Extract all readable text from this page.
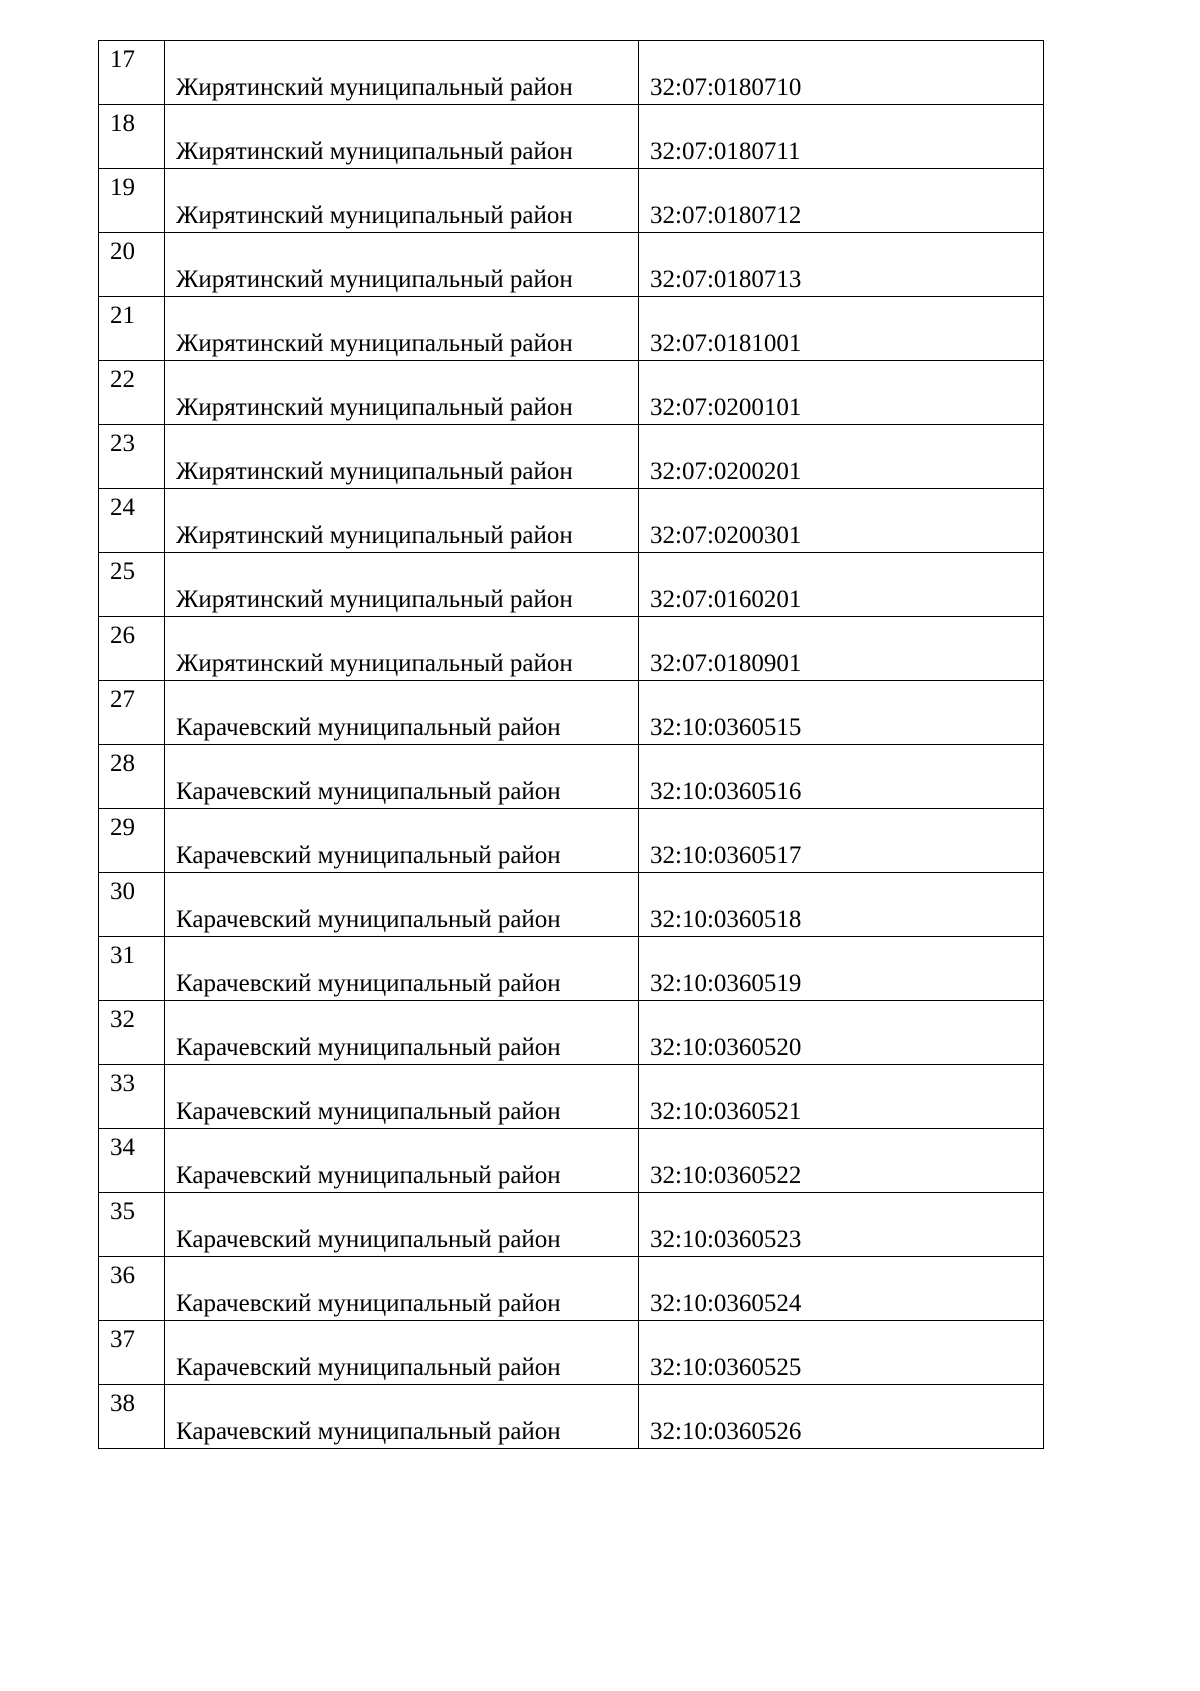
17	Жирятинский муниципальный район	32:07:0180710

18	Жирятинский муниципальный район	32:07:0180711

19	Жирятинский муниципальный район	32:07:0180712

20	Жирятинский муниципальный район	32:07:0180713

21	Жирятинский муниципальный район	32:07:0181001

22	Жирятинский муниципальный район	32:07:0200101

23	Жирятинский муниципальный район	32:07:0200201

24	Жирятинский муниципальный район	32:07:0200301

25	Жирятинский муниципальный район	32:07:0160201

26	Жирятинский муниципальный район	32:07:0180901

27	Карачевский муниципальный район	32:10:0360515

28	Карачевский муниципальный район	32:10:0360516

29	Карачевский муниципальный район	32:10:0360517

30	Карачевский муниципальный район	32:10:0360518

31	Карачевский муниципальный район	32:10:0360519

32	Карачевский муниципальный район	32:10:0360520

33	Карачевский муниципальный район	32:10:0360521

34	Карачевский муниципальный район	32:10:0360522

35	Карачевский муниципальный район	32:10:0360523

36	Карачевский муниципальный район	32:10:0360524

37	Карачевский муниципальный район	32:10:0360525

38	Карачевский муниципальный район	32:10:0360526
